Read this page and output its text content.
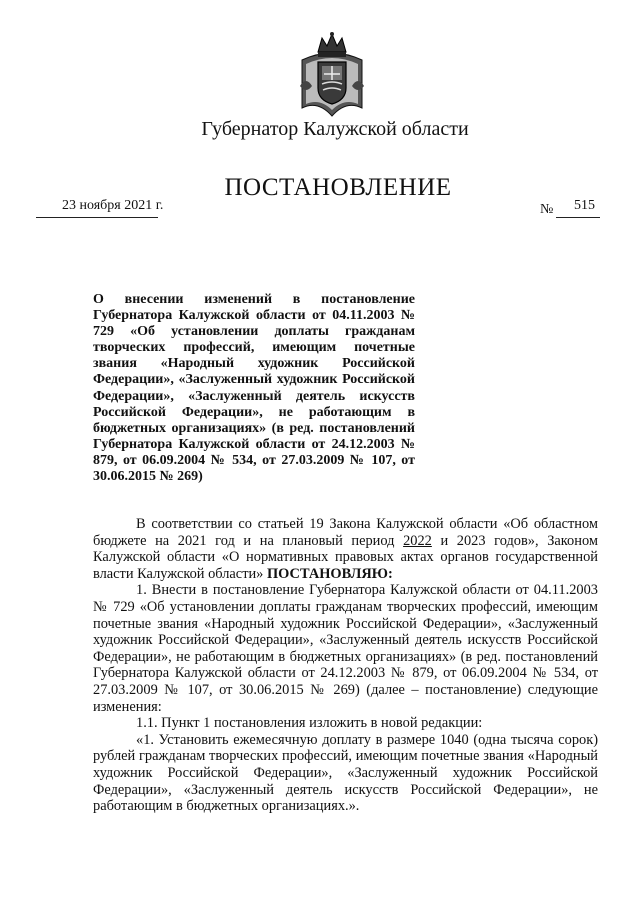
Губернатор Калужской области
ПОСТАНОВЛЕНИЕ
23 ноября 2021 г.	№ 515
О внесении изменений в постановление Губернатора Калужской области от 04.11.2003 № 729 «Об установлении доплаты гражданам творческих профессий, имеющим почетные звания «Народный художник Российской Федерации», «Заслуженный художник Российской Федерации», «Заслуженный деятель искусств Российской Федерации», не работающим в бюджетных организациях» (в ред. постановлений Губернатора Калужской области от 24.12.2003 № 879, от 06.09.2004 № 534, от 27.03.2009 № 107, от 30.06.2015 № 269)

В соответствии со статьей 19 Закона Калужской области «Об областном бюджете на 2021 год и на плановый период 2022 и 2023 годов», Законом Калужской области «О нормативных правовых актах органов государственной власти Калужской области» ПОСТАНОВЛЯЮ:

1. Внести в постановление Губернатора Калужской области от 04.11.2003 № 729 «Об установлении доплаты гражданам творческих профессий, имеющим почетные звания «Народный художник Российской Федерации», «Заслуженный художник Российской Федерации», «Заслуженный деятель искусств Российской Федерации», не работающим в бюджетных организациях» (в ред. постановлений Губернатора Калужской области от 24.12.2003 № 879, от 06.09.2004 № 534, от 27.03.2009 № 107, от 30.06.2015 № 269) (далее – постановление) следующие изменения:

1.1. Пункт 1 постановления изложить в новой редакции:

«1. Установить ежемесячную доплату в размере 1040 (одна тысяча сорок) рублей гражданам творческих профессий, имеющим почетные звания «Народный художник Российской Федерации», «Заслуженный художник Российской Федерации», «Заслуженный деятель искусств Российской Федерации», не работающим в бюджетных организациях.».
